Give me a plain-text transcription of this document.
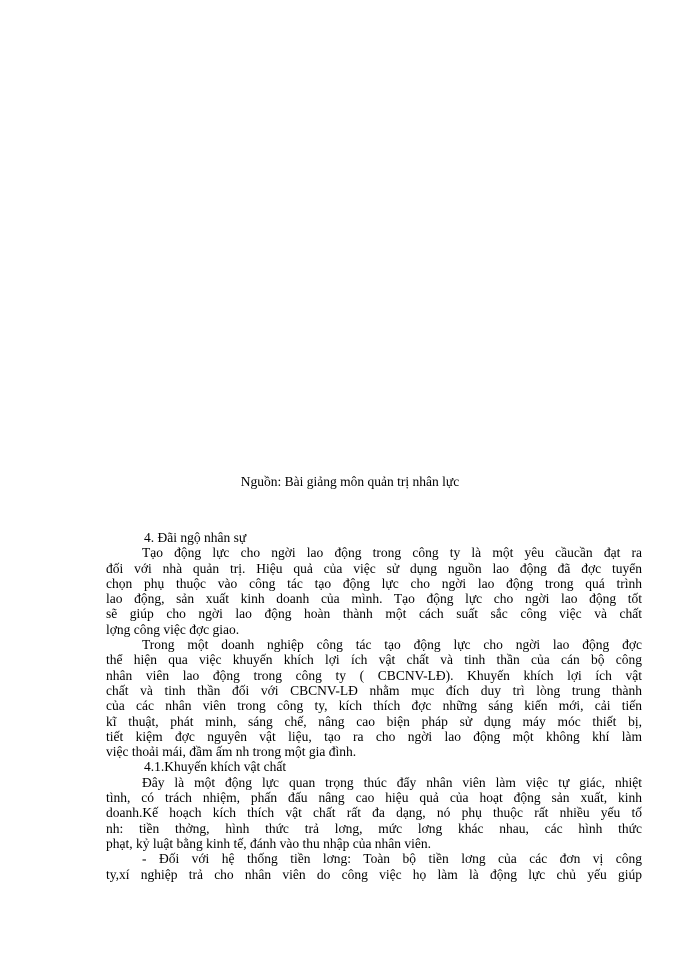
Nguồn: Bài giảng môn quản trị nhân lực
4. Đãi ngộ nhân sự
Tạo động lực cho ngời lao động trong công ty là một yêu cầucần đạt ra
đối với nhà quản trị. Hiệu quả của việc sử dụng nguồn lao động đã đợc tuyển
chọn phụ thuộc vào công tác tạo động lực cho ngời lao động trong quá trình
lao động, sản xuất kinh doanh của mình. Tạo động lực cho ngời lao động tốt
sẽ giúp cho ngời lao động hoàn thành một cách suất sắc công việc và chất
lợng công việc đợc giao.
Trong một doanh nghiệp công tác tạo động lực cho ngời lao động đợc
thể hiện qua việc khuyến khích lợi ích vật chất và tinh thần của cán bộ công
nhân viên lao động trong công ty ( CBCNV-LĐ). Khuyến khích lợi ích vật
chất và tinh thần đối với CBCNV-LĐ nhằm mục đích duy trì lòng trung thành
của các nhân viên trong công ty, kích thích đợc những sáng kiến mới, cải tiến
kĩ thuật, phát minh, sáng chế, nâng cao biện pháp sử dụng máy móc thiết bị,
tiết kiệm đợc nguyên vật liệu, tạo ra cho ngời lao động một không khí làm
việc thoải mái, đầm ấm nh trong một gia đình.
4.1.Khuyến khích vật chất
Đây là một động lực quan trọng thúc đẩy nhân viên làm việc tự giác, nhiệt
tình, có trách nhiệm, phấn đấu nâng cao hiệu quả của hoạt động sản xuất, kinh
doanh.Kế hoạch kích thích vật chất rất đa dạng, nó phụ thuộc rất nhiều yếu tố
nh: tiền thởng, hình thức trả lơng, mức lơng khác nhau, các hình thức
phạt, kỷ luật bằng kinh tế, đánh vào thu nhập của nhân viên.
- Đối với hệ thống tiền lơng: Toàn bộ tiền lơng của các đơn vị công
ty,xí nghiệp trả cho nhân viên do công việc họ làm là động lực chủ yếu giúp
